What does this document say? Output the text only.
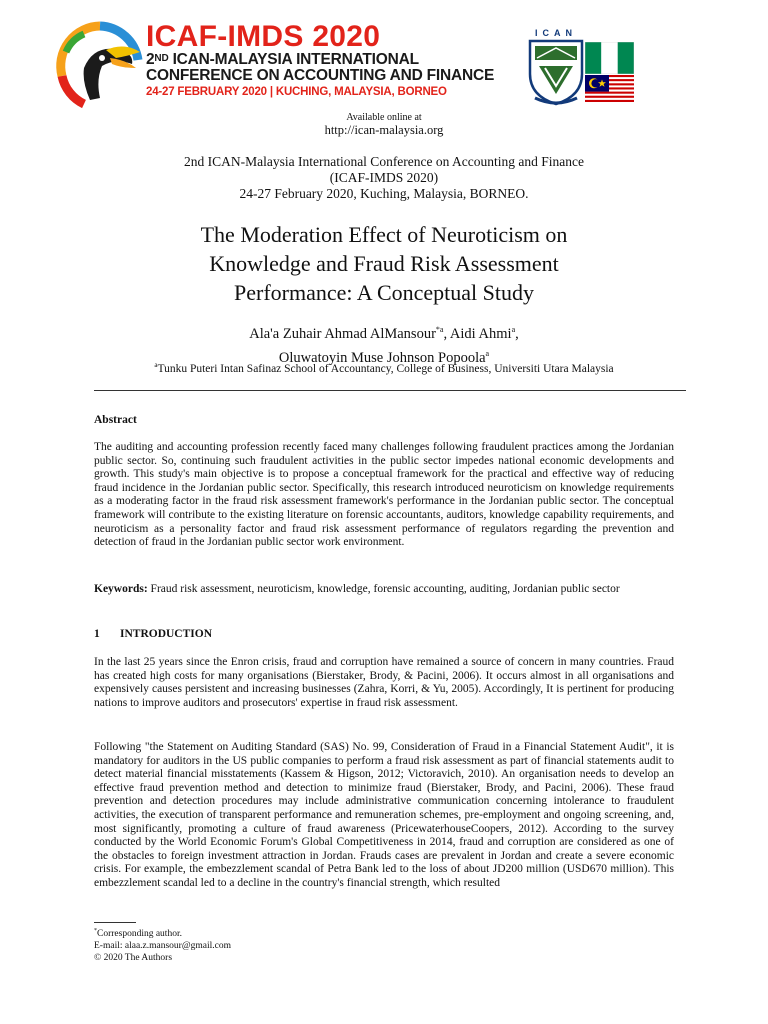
ICAF-IMDS 2020
2ND ICAN-MALAYSIA INTERNATIONAL
CONFERENCE ON ACCOUNTING AND FINANCE
24-27 FEBRUARY 2020 | KUCHING, MALAYSIA, BORNEO
ICAN
Available online at
http://ican-malaysia.org
2nd ICAN-Malaysia International Conference on Accounting and Finance
(ICAF-IMDS 2020)
24-27 February 2020, Kuching, Malaysia, BORNEO.
The Moderation Effect of Neuroticism on
Knowledge and Fraud Risk Assessment
Performance: A Conceptual Study
Ala'a Zuhair Ahmad AlMansour$^{*a}$, Aidi Ahmi$^a$,
Oluwatoyin Muse Johnson Popoola$^a$
$^a$Tunku Puteri Intan Safinaz School of Accountancy, College of Business, Universiti Utara Malaysia
Abstract
The auditing and accounting profession recently faced many challenges following fraudulent practices among the Jordanian public sector. So, continuing such fraudulent activities in the public sector impedes national economic developments and growth. This study's main objective is to propose a conceptual framework for the practical and effective way of reducing fraud incidence in the Jordanian public sector. Specifically, this research introduced neuroticism on knowledge requirements as a moderating factor in the fraud risk assessment framework's performance in the Jordanian public sector. The conceptual framework will contribute to the existing literature on forensic accountants, auditors, knowledge capability requirements, and neuroticism as a personality factor and fraud risk assessment performance of regulators regarding the prevention and detection of fraud in the Jordanian public sector work environment.
Keywords: Fraud risk assessment, neuroticism, knowledge, forensic accounting, auditing, Jordanian public sector
1 INTRODUCTION
In the last 25 years since the Enron crisis, fraud and corruption have remained a source of concern in many countries. Fraud has created high costs for many organisations (Bierstaker, Brody, & Pacini, 2006). It occurs almost in all organisations and expensively causes persistent and increasing businesses (Zahra, Korri, & Yu, 2005). Accordingly, It is pertinent for producing nations to improve auditors and prosecutors' expertise in fraud risk assessment.
Following "the Statement on Auditing Standard (SAS) No. 99, Consideration of Fraud in a Financial Statement Audit", it is mandatory for auditors in the US public companies to perform a fraud risk assessment as part of financial statements audit to detect material financial misstatements (Kassem & Higson, 2012; Victoravich, 2010). An organisation needs to develop an effective fraud prevention method and detection to minimize fraud (Bierstaker, Brody, and Pacini, 2006). These fraud prevention and detection procedures may include administrative communication concerning intolerance to fraudulent activities, the execution of transparent performance and remuneration schemes, pre-employment and ongoing screening, and, most significantly, promoting a culture of fraud awareness (PricewaterhouseCoopers, 2012). According to the survey conducted by the World Economic Forum's Global Competitiveness in 2014, fraud and corruption are considered as one of the obstacles to foreign investment attraction in Jordan. Frauds cases are prevalent in Jordan and create a severe economic crisis. For example, the embezzlement scandal of Petra Bank led to the loss of about JD200 million (USD670 million). This embezzlement scandal led to a decline in the country's financial strength, which resulted
*Corresponding author.
E-mail: alaa.z.mansour@gmail.com
© 2020 The Authors
